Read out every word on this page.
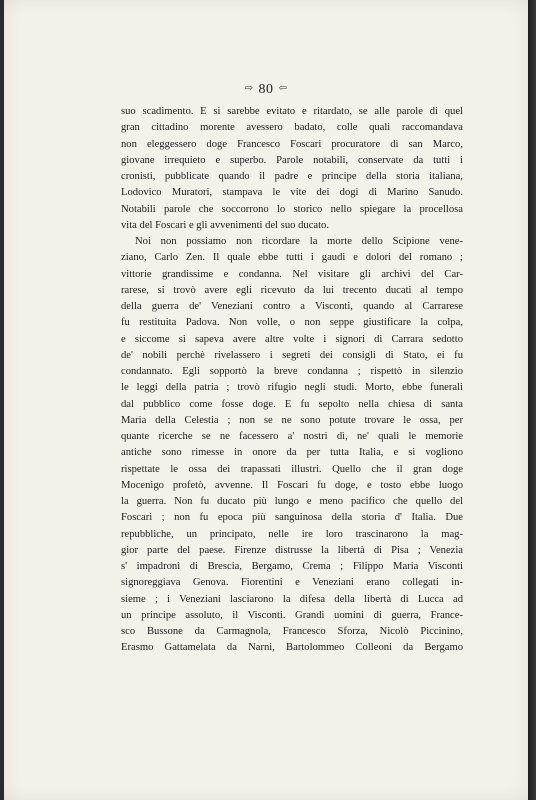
⇨ 80 ⇦
suo scadimento. E si sarebbe evitato e ritardato, se alle parole di quel
gran cittadino morente avessero badato, colle quali raccomandava
non eleggessero doge Francesco Foscari procuratore di san Marco,
giovane irrequieto e superbo. Parole notabili, conservate da tutti i
cronisti, pubblicate quando il padre e principe della storia italiana,
Lodovico Muratori, stampava le vite dei dogi di Marino Sanudo.
Notabili parole che soccorrono lo storico nello spiegare la procellosa
vita del Foscari e gli avvenimenti del suo ducato.
Noi non possiamo non ricordare la morte dello Scipione vene-
ziano, Carlo Zen. Il quale ebbe tutti i gaudi e dolori del romano ;
vittorie grandissime e condanna. Nel visitare gli archivi del Car-
rarese, si trovò avere egli ricevuto da lui trecento ducati al tempo
della guerra de' Veneziani contro a Visconti, quando al Carrarese
fu restituita Padova. Non volle, o non seppe giustificare la colpa,
e siccome si sapeva avere altre volte i signori di Carrara sedotto
de' nobili perchè rivelassero i segreti dei consigli di Stato, ei fu
condannato. Egli sopportò la breve condanna ; rispettò in silenzio
le leggi della patria ; trovò rifugio negli studi. Morto, ebbe funerali
dal pubblico come fosse doge. E fu sepolto nella chiesa di santa
Maria della Celestia ; non se ne sono potute trovare le ossa, per
quante ricerche se ne facessero a' nostri dì, ne' quali le memorie
antiche sono rimesse in onore da per tutta Italia, e si vogliono
rispettate le ossa dei trapassati illustri. Quello che il gran doge
Mocenigo profetò, avvenne. Il Foscari fu doge, e tosto ebbe luogo
la guerra. Non fu ducato più lungo e meno pacifico che quello del
Foscari ; non fu epoca più sanguinosa della storia d' Italia. Due
repubbliche, un principato, nelle ire loro trascinarono la mag-
gior parte del paese. Firenze distrusse la libertà di Pisa ; Venezia
s' impadronì di Brescia, Bergamo, Crema ; Filippo Maria Visconti
signoreggiava Genova. Fiorentini e Veneziani erano collegati in-
sieme ; i Veneziani lasciarono la difesa della libertà di Lucca ad
un principe assoluto, il Visconti. Grandi uomini di guerra, France-
sco Bussone da Carmagnola, Francesco Sforza, Nicolò Piccinino,
Erasmo Gattamelata da Narni, Bartolommeo Colleoni da Bergamo
